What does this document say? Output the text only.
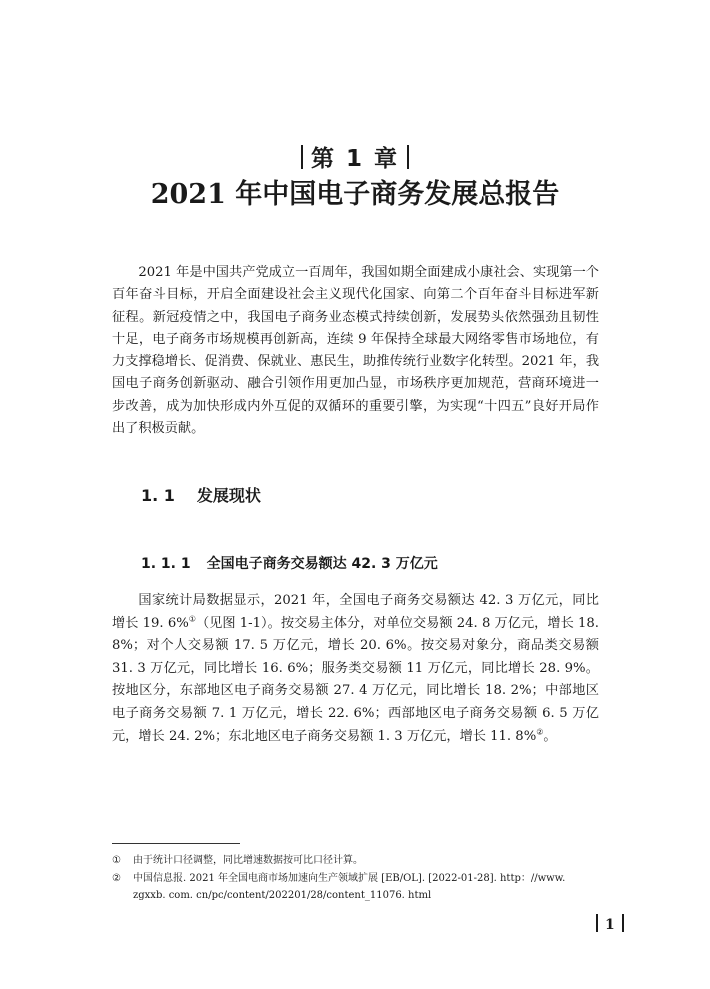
第 1 章
2021 年中国电子商务发展总报告

2021 年是中国共产党成立一百周年，我国如期全面建成小康社会、实现第一个百年奋斗目标，开启全面建设社会主义现代化国家、向第二个百年奋斗目标进军新征程。新冠疫情之中，我国电子商务业态模式持续创新，发展势头依然强劲且韧性十足，电子商务市场规模再创新高，连续 9 年保持全球最大网络零售市场地位，有力支撑稳增长、促消费、保就业、惠民生，助推传统行业数字化转型。2021 年，我国电子商务创新驱动、融合引领作用更加凸显，市场秩序更加规范，营商环境进一步改善，成为加快形成内外互促的双循环的重要引擎，为实现“十四五”良好开局作出了积极贡献。

1. 1 发展现状
1. 1. 1 全国电子商务交易额达 42. 3 万亿元

国家统计局数据显示，2021 年，全国电子商务交易额达 42. 3 万亿元，同比增长 19. 6%①（见图 1-1）。按交易主体分，对单位交易额 24. 8 万亿元，增长 18. 8%；对个人交易额 17. 5 万亿元，增长 20. 6%。按交易对象分，商品类交易额 31. 3 万亿元，同比增长 16. 6%；服务类交易额 11 万亿元，同比增长 28. 9%。按地区分，东部地区电子商务交易额 27. 4 万亿元，同比增长 18. 2%；中部地区电子商务交易额 7. 1 万亿元，增长 22. 6%；西部地区电子商务交易额 6. 5 万亿元，增长 24. 2%；东北地区电子商务交易额 1. 3 万亿元，增长 11. 8%②。

① 由于统计口径调整，同比增速数据按可比口径计算。
② 中国信息报. 2021 年全国电商市场加速向生产领域扩展 [EB/OL]. [2022-01-28]. http：//www. zgxxb. com. cn/pc/content/202201/28/content_11076. html
1
